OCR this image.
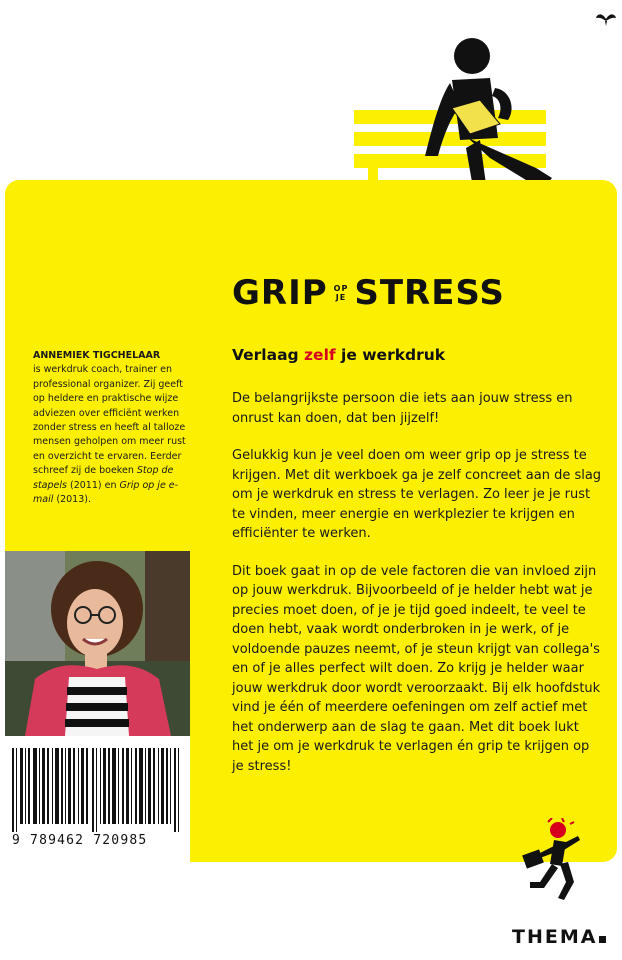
GRIP OP
JE STRESS
Verlaag zelf je werkdruk

De belangrijkste persoon die iets aan jouw stress en onrust kan doen, dat ben jijzelf!

Gelukkig kun je veel doen om weer grip op je stress te krijgen. Met dit werkboek ga je zelf concreet aan de slag om je werkdruk en stress te verlagen. Zo leer je je rust te vinden, meer energie en werkplezier te krijgen en efficiënter te werken.

Dit boek gaat in op de vele factoren die van invloed zijn op jouw werkdruk. Bijvoorbeeld of je helder hebt wat je precies moet doen, of je je tijd goed indeelt, te veel te doen hebt, vaak wordt onderbroken in je werk, of je voldoende pauzes neemt, of je steun krijgt van collega's en of je alles perfect wilt doen. Zo krijg je helder waar jouw werkdruk door wordt veroorzaakt. Bij elk hoofdstuk vind je één of meerdere oefeningen om zelf actief met het onderwerp aan de slag te gaan. Met dit boek lukt het je om je werkdruk te verlagen én grip te krijgen op je stress!

ANNEMIEK TIGCHELAAR
is werkdruk coach, trainer en professional organizer. Zij geeft op heldere en praktische wijze adviezen over efficiënt werken zonder stress en heeft al talloze mensen geholpen om meer rust en overzicht te ervaren. Eerder schreef zij de boeken Stop de stapels (2011) en Grip op je e-mail (2013).
9 789462 720985
THEMA
